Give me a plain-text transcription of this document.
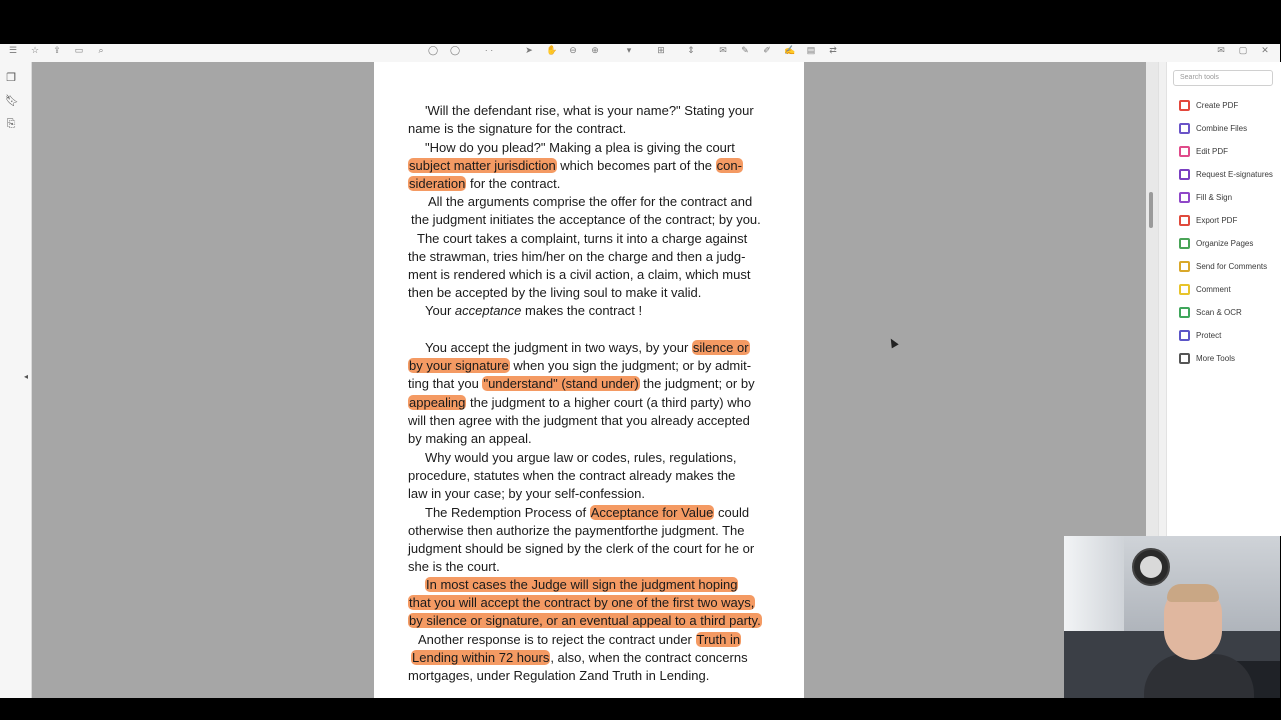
☰ ☆ ⇪ ▭ ⌕	◯ ◯	· ·	➤ ✋ ⊖ ⊕	▾	⊞ ⇕	✉ ✎ ✐ ✍ ▤ ⇄	✉ ▢ ✕
❐
🔖︎
⎘
◂
'Will the defendant rise, what is your name?" Stating your
name is the signature for the contract.
"How do you plead?" Making a plea is giving the court
subject matter jurisdiction which becomes part of the con-
sideration for the contract.
All the arguments comprise the offer for the contract and
the judgment initiates the acceptance of the contract; by you.
The court takes a complaint, turns it into a charge against
the strawman, tries him/her on the charge and then a judg-
ment is rendered which is a civil action, a claim, which must
then be accepted by the living soul to make it valid.
Your acceptance makes the contract !
You accept the judgment in two ways, by your silence or
by your signature when you sign the judgment; or by admit-
ting that you "understand" (stand under) the judgment; or by
appealing the judgment to a higher court (a third party) who
will then agree with the judgment that you already accepted
by making an appeal.
Why would you argue law or codes, rules, regulations,
procedure, statutes when the contract already makes the
law in your case; by your self-confession.
The Redemption Process of Acceptance for Value could
otherwise then authorize the paymentforthe judgment. The
judgment should be signed by the clerk of the court for he or
she is the court.
In most cases the Judge will sign the judgment hoping
that you will accept the contract by one of the first two ways,
by silence or signature, or an eventual appeal to a third party.
Another response is to reject the contract under Truth in
Lending within 72 hours, also, when the contract concerns
mortgages, under Regulation Zand Truth in Lending.
Search tools
Create PDF
Combine Files
Edit PDF
Request E-signatures
Fill & Sign
Export PDF
Organize Pages
Send for Comments
Comment
Scan & OCR
Protect
More Tools
